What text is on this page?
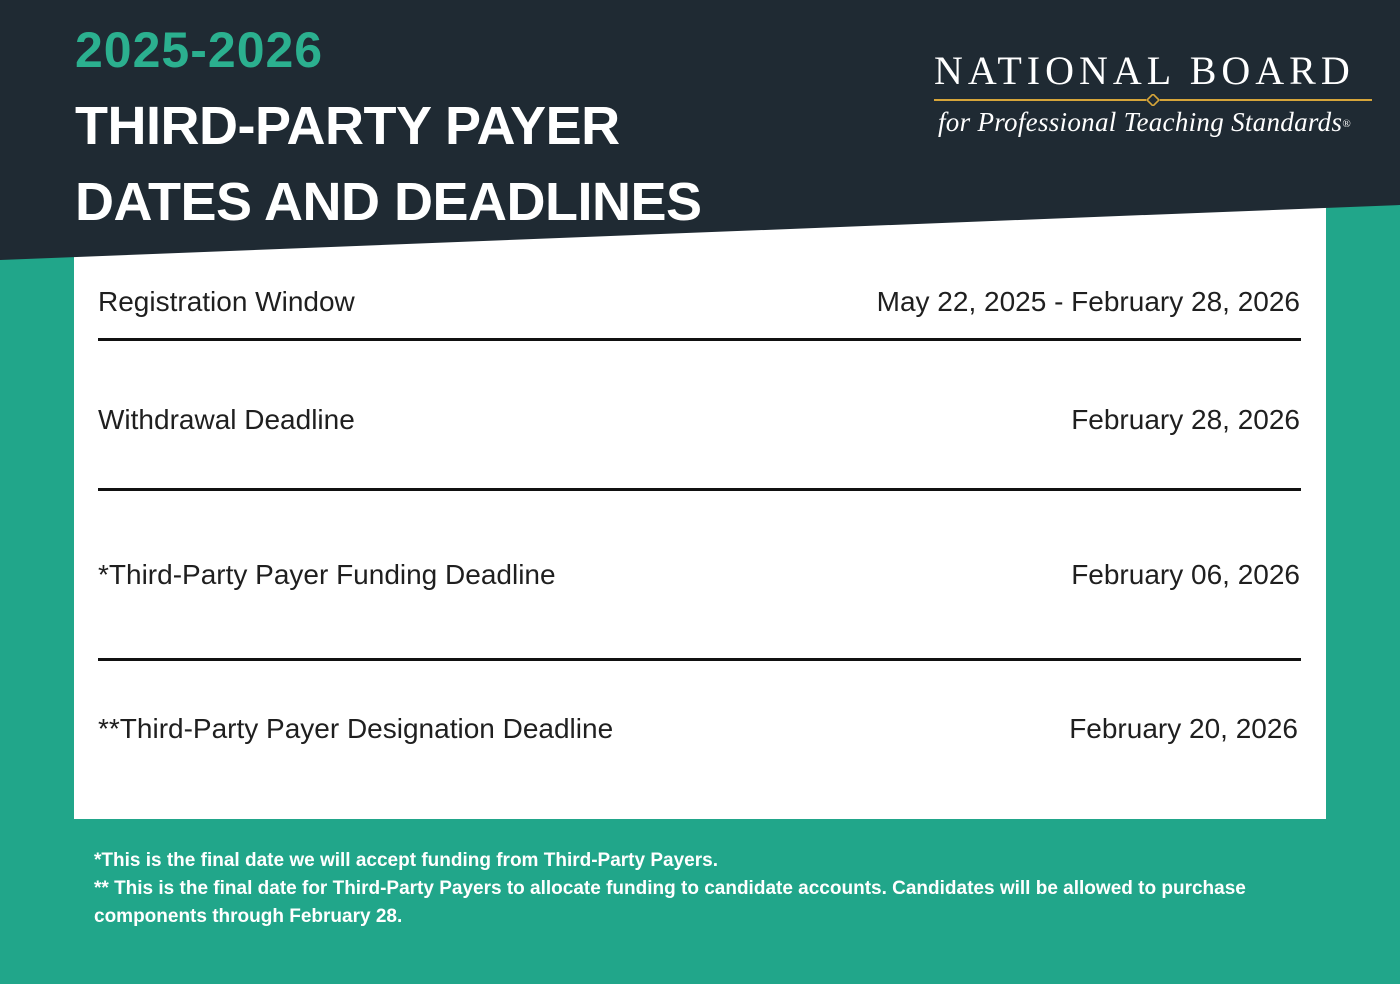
2025-2026
THIRD-PARTY PAYER
DATES AND DEADLINES
NATIONAL BOARD
for Professional Teaching Standards®
Registration Window	May 22, 2025 - February 28, 2026
Withdrawal Deadline	February 28, 2026
*Third-Party Payer Funding Deadline	February 06, 2026
**Third-Party Payer Designation Deadline	February 20, 2026
*This is the final date we will accept funding from Third-Party Payers.
** This is the final date for Third-Party Payers to allocate funding to candidate accounts. Candidates will be allowed to purchase components through February 28.
